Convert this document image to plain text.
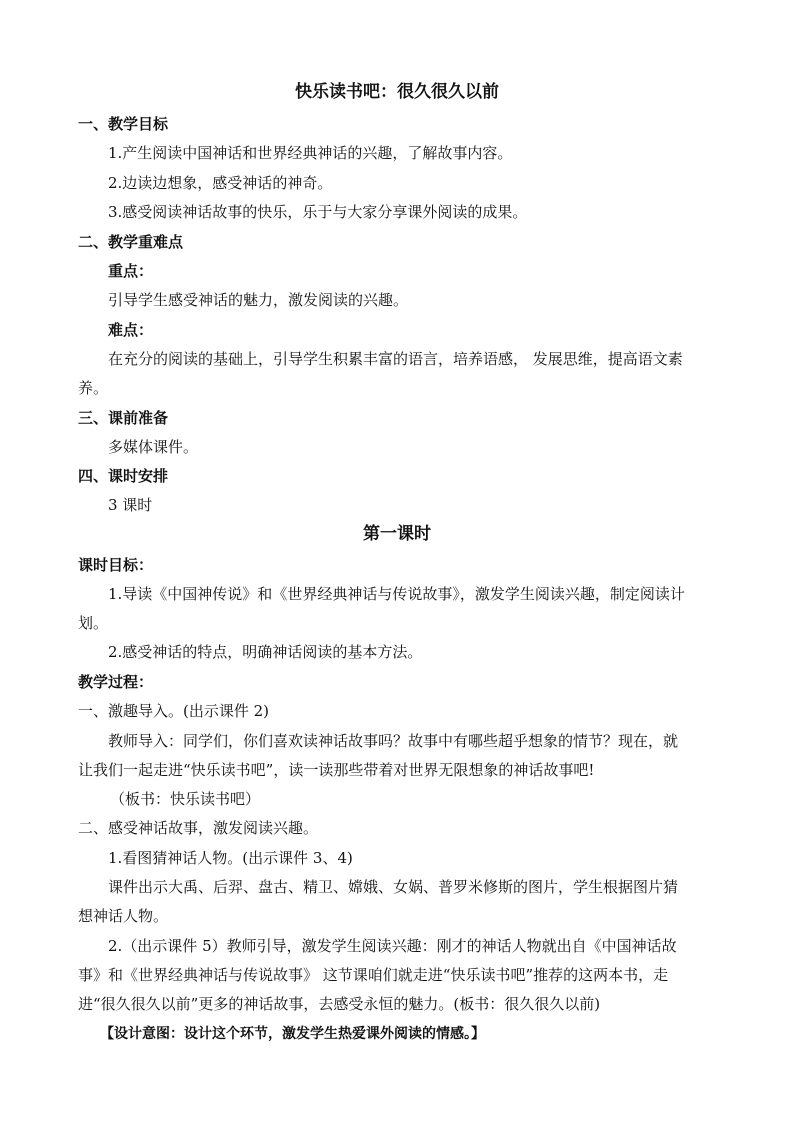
快乐读书吧：很久很久以前
一、教学目标
1.产生阅读中国神话和世界经典神话的兴趣，了解故事内容。
2.边读边想象，感受神话的神奇。
3.感受阅读神话故事的快乐，乐于与大家分享课外阅读的成果。
二、教学重难点
重点：
引导学生感受神话的魅力，激发阅读的兴趣。
难点：
在充分的阅读的基础上，引导学生积累丰富的语言，培养语感， 发展思维，提高语文素
养。
三、课前准备
多媒体课件。
四、课时安排
3 课时
第一课时
课时目标：
1.导读《中国神传说》和《世界经典神话与传说故事》，激发学生阅读兴趣，制定阅读计
划。
2.感受神话的特点，明确神话阅读的基本方法。
教学过程：
一、激趣导入。(出示课件 2)
教师导入：同学们，你们喜欢读神话故事吗？故事中有哪些超乎想象的情节？现在，就
让我们一起走进“快乐读书吧”，读一读那些带着对世界无限想象的神话故事吧!
（板书：快乐读书吧）
二、感受神话故事，激发阅读兴趣。
1.看图猜神话人物。(出示课件 3、4)
课件出示大禹、后羿、盘古、精卫、嫦娥、女娲、普罗米修斯的图片，学生根据图片猜
想神话人物。
2.（出示课件 5）教师引导，激发学生阅读兴趣：刚才的神话人物就出自《中国神话故
事》和《世界经典神话与传说故事》 这节课咱们就走进“快乐读书吧”推荐的这两本书，走
进“很久很久以前”更多的神话故事，去感受永恒的魅力。(板书：很久很久以前)
【设计意图：设计这个环节，激发学生热爱课外阅读的情感。】
